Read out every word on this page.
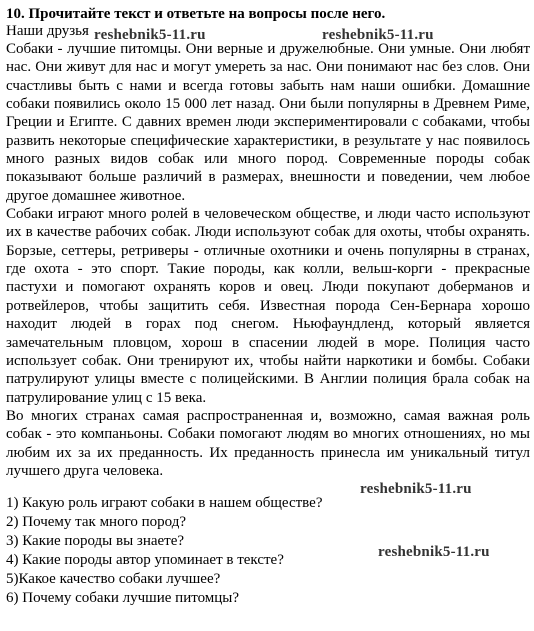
10. Прочитайте текст и ответьте на вопросы после него.

Наши друзья

Собаки - лучшие питомцы. Они верные и дружелюбные. Они умные. Они любят нас. Они живут для нас и могут умереть за нас. Они понимают нас без слов. Они счастливы быть с нами и всегда готовы забыть нам наши ошибки. Домашние собаки появились около 15 000 лет назад. Они были популярны в Древнем Риме, Греции и Египте. С давних времен люди экспериментировали с собаками, чтобы развить некоторые специфические характеристики, в результате у нас появилось много разных видов собак или много пород. Современные породы собак показывают больше различий в размерах, внешности и поведении, чем любое другое домашнее животное.

Собаки играют много ролей в человеческом обществе, и люди часто используют их в качестве рабочих собак. Люди используют собак для охоты, чтобы охранять. Борзые, сеттеры, ретриверы - отличные охотники и очень популярны в странах, где охота - это спорт. Такие породы, как колли, вельш-корги - прекрасные пастухи и помогают охранять коров и овец. Люди покупают доберманов и ротвейлеров, чтобы защитить себя. Известная порода Сен-Бернара хорошо находит людей в горах под снегом. Ньюфаундленд, который является замечательным пловцом, хорош в спасении людей в море. Полиция часто использует собак. Они тренируют их, чтобы найти наркотики и бомбы. Собаки патрулируют улицы вместе с полицейскими. В Англии полиция брала собак на патрулирование улиц с 15 века.

Во многих странах самая распространенная и, возможно, самая важная роль собак - это компаньоны. Собаки помогают людям во многих отношениях, но мы любим их за их преданность. Их преданность принесла им уникальный титул лучшего друга человека.

1) Какую роль играют собаки в нашем обществе?
2) Почему так много пород?
3) Какие породы вы знаете?
4) Какие породы автор упоминает в тексте?
5)Какое качество собаки лучшее?
6) Почему собаки лучшие питомцы?
reshebnik5-11.ru	reshebnik5-11.ru
reshebnik5-11.ru
reshebnik5-11.ru
